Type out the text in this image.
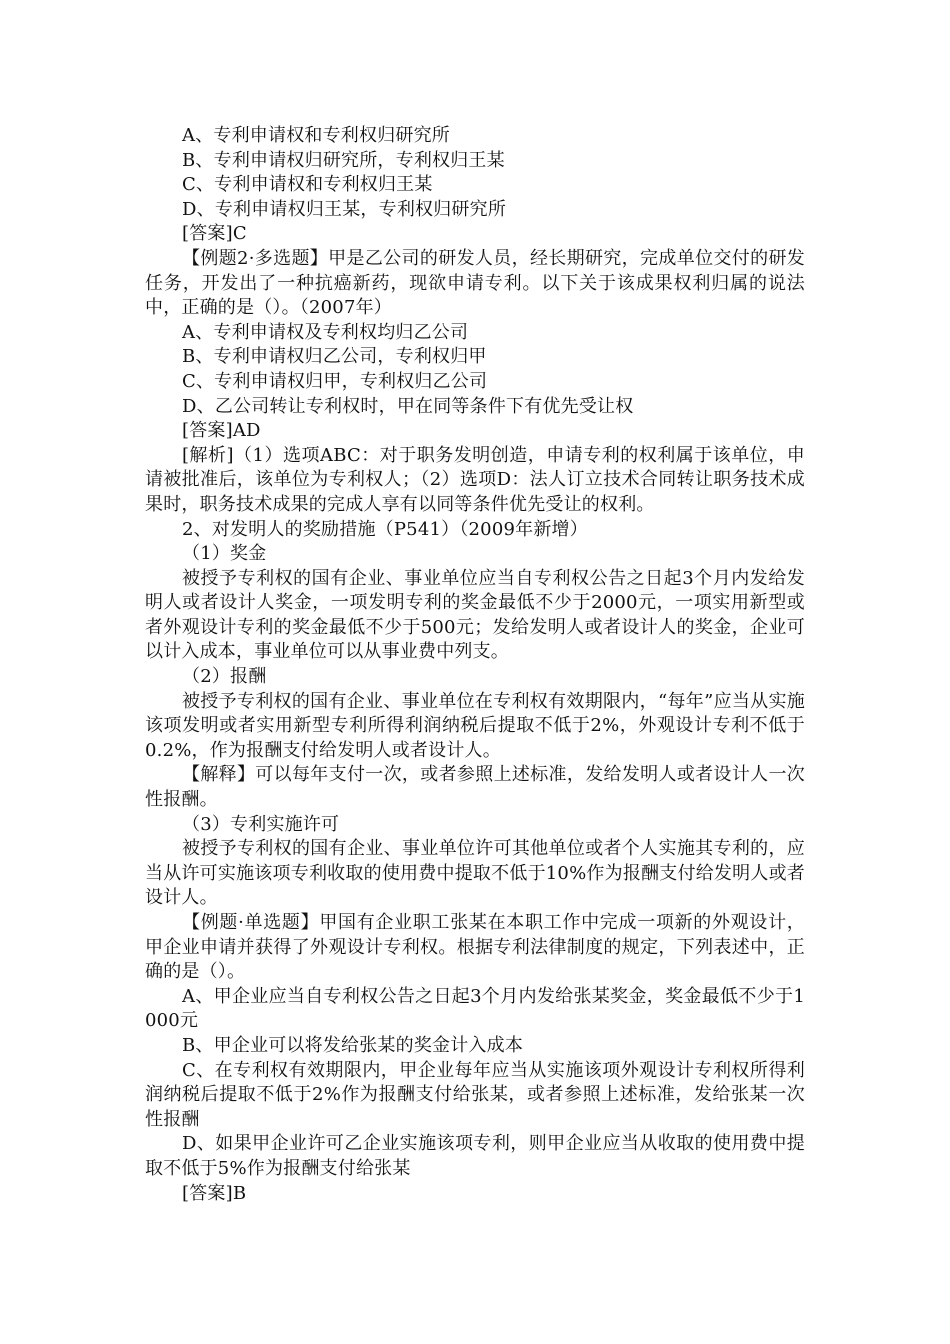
A、专利申请权和专利权归研究所

B、专利申请权归研究所，专利权归王某

C、专利申请权和专利权归王某

D、专利申请权归王某，专利权归研究所

[答案]C

【例题2·多选题】甲是乙公司的研发人员，经长期研究，完成单位交付的研发任务，开发出了一种抗癌新药，现欲申请专利。以下关于该成果权利归属的说法中，正确的是（）。（2007年）

A、专利申请权及专利权均归乙公司

B、专利申请权归乙公司，专利权归甲

C、专利申请权归甲，专利权归乙公司

D、乙公司转让专利权时，甲在同等条件下有优先受让权

[答案]AD

[解析]（1）选项ABC：对于职务发明创造，申请专利的权利属于该单位，申请被批准后，该单位为专利权人；（2）选项D：法人订立技术合同转让职务技术成果时，职务技术成果的完成人享有以同等条件优先受让的权利。

2、对发明人的奖励措施（P541）（2009年新增）

（1）奖金

被授予专利权的国有企业、事业单位应当自专利权公告之日起3个月内发给发明人或者设计人奖金，一项发明专利的奖金最低不少于2000元，一项实用新型或者外观设计专利的奖金最低不少于500元；发给发明人或者设计人的奖金，企业可以计入成本，事业单位可以从事业费中列支。

（2）报酬

被授予专利权的国有企业、事业单位在专利权有效期限内，“每年”应当从实施该项发明或者实用新型专利所得利润纳税后提取不低于2%，外观设计专利不低于0.2%，作为报酬支付给发明人或者设计人。

【解释】可以每年支付一次，或者参照上述标准，发给发明人或者设计人一次性报酬。

（3）专利实施许可

被授予专利权的国有企业、事业单位许可其他单位或者个人实施其专利的，应当从许可实施该项专利收取的使用费中提取不低于10%作为报酬支付给发明人或者设计人。

【例题·单选题】甲国有企业职工张某在本职工作中完成一项新的外观设计，甲企业申请并获得了外观设计专利权。根据专利法律制度的规定，下列表述中，正确的是（）。

A、甲企业应当自专利权公告之日起3个月内发给张某奖金，奖金最低不少于1000元

B、甲企业可以将发给张某的奖金计入成本

C、在专利权有效期限内，甲企业每年应当从实施该项外观设计专利权所得利润纳税后提取不低于2%作为报酬支付给张某，或者参照上述标准，发给张某一次性报酬

D、如果甲企业许可乙企业实施该项专利，则甲企业应当从收取的使用费中提取不低于5%作为报酬支付给张某

[答案]B
